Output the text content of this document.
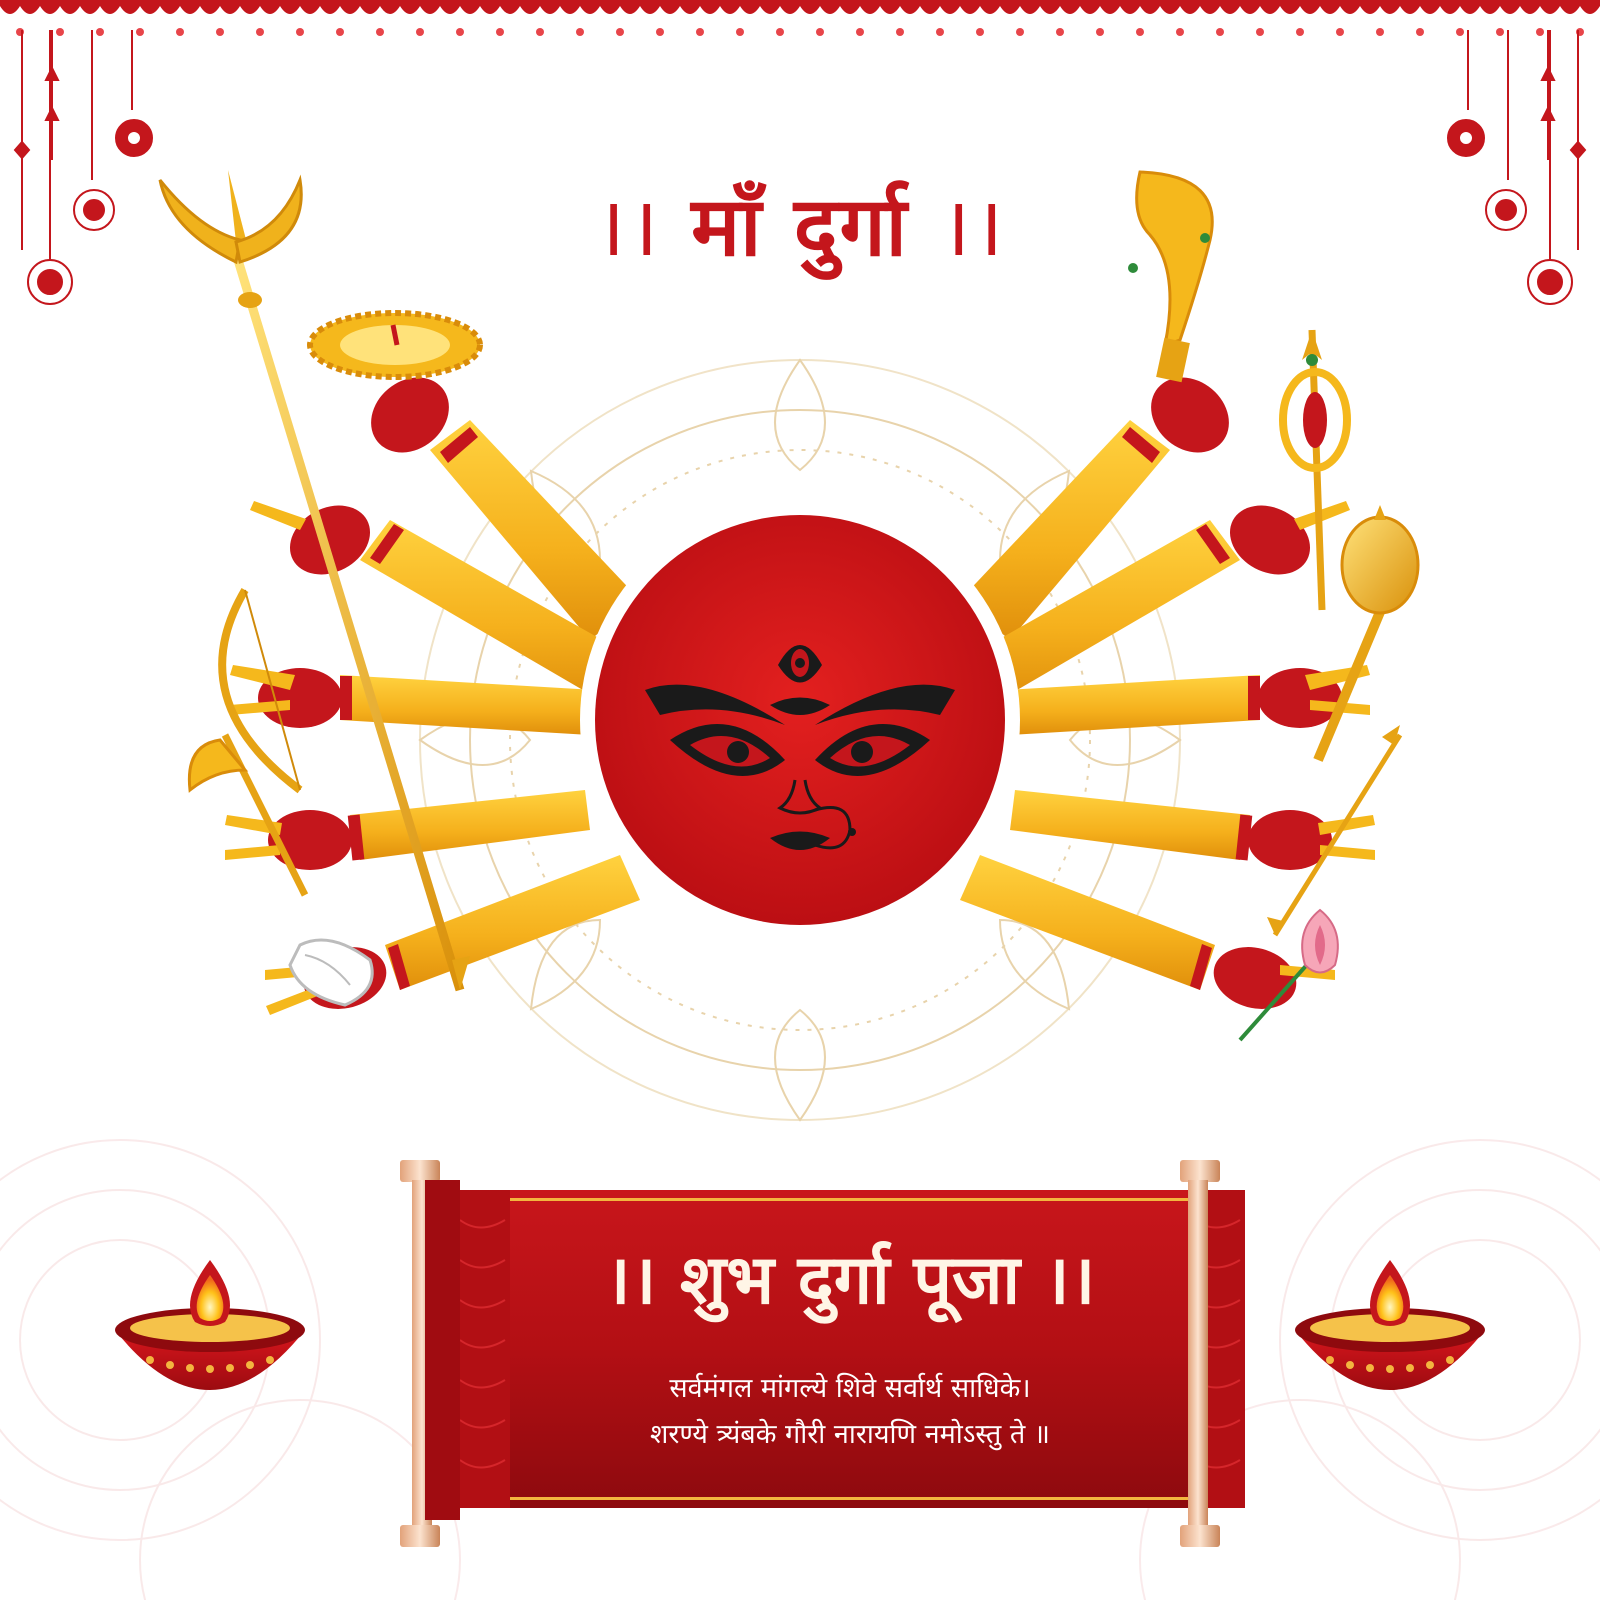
।। माँ दुर्गा ।।
।। शुभ दुर्गा पूजा ।।
सर्वमंगल मांगल्ये शिवे सर्वार्थ साधिके।
शरण्ये त्र्यंबके गौरी नारायणि नमोऽस्तु ते ॥
